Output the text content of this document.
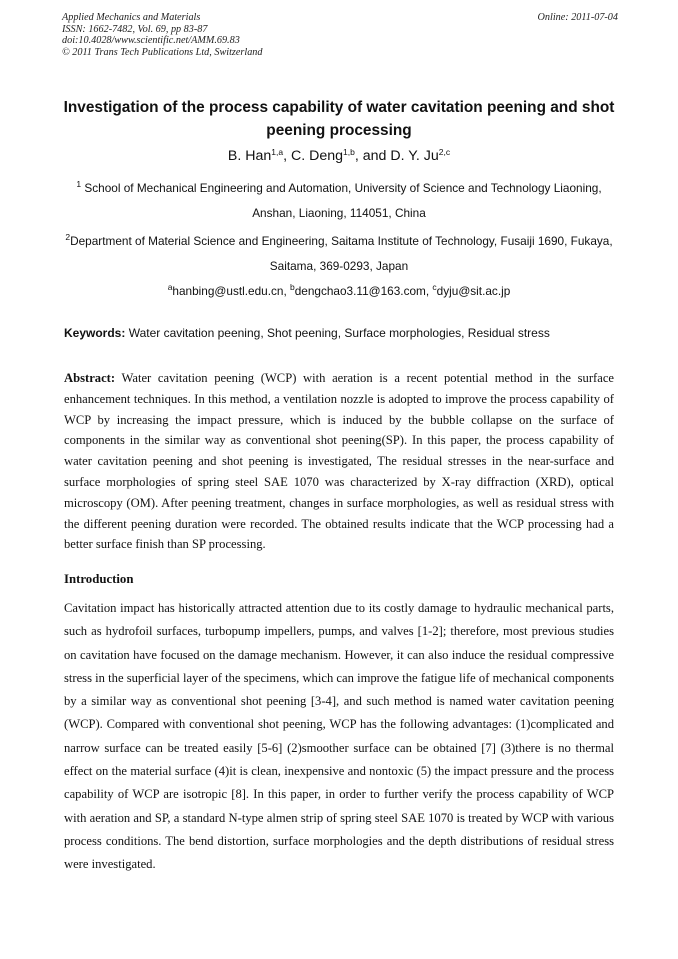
Applied Mechanics and Materials
ISSN: 1662-7482, Vol. 69, pp 83-87
doi:10.4028/www.scientific.net/AMM.69.83
© 2011 Trans Tech Publications Ltd, Switzerland
Online: 2011-07-04
Investigation of the process capability of water cavitation peening and shot peening processing
B. Han$^{1,a}$, C. Deng$^{1,b}$, and D. Y. Ju$^{2,c}$
$^1$ School of Mechanical Engineering and Automation, University of Science and Technology Liaoning, Anshan, Liaoning, 114051, China
$^2$Department of Material Science and Engineering, Saitama Institute of Technology, Fusaiji 1690, Fukaya, Saitama, 369-0293, Japan
$^a$hanbing@ustl.edu.cn, $^b$dengchao3.11@163.com, $^c$dyju@sit.ac.jp
Keywords: Water cavitation peening, Shot peening, Surface morphologies, Residual stress
Abstract: Water cavitation peening (WCP) with aeration is a recent potential method in the surface enhancement techniques. In this method, a ventilation nozzle is adopted to improve the process capability of WCP by increasing the impact pressure, which is induced by the bubble collapse on the surface of components in the similar way as conventional shot peening(SP). In this paper, the process capability of water cavitation peening and shot peening is investigated, The residual stresses in the near-surface and surface morphologies of spring steel SAE 1070 was characterized by X-ray diffraction (XRD), optical microscopy (OM). After peening treatment, changes in surface morphologies, as well as residual stress with the different peening duration were recorded. The obtained results indicate that the WCP processing had a better surface finish than SP processing.
Introduction
Cavitation impact has historically attracted attention due to its costly damage to hydraulic mechanical parts, such as hydrofoil surfaces, turbopump impellers, pumps, and valves [1-2]; therefore, most previous studies on cavitation have focused on the damage mechanism. However, it can also induce the residual compressive stress in the superficial layer of the specimens, which can improve the fatigue life of mechanical components by a similar way as conventional shot peening [3-4], and such method is named water cavitation peening (WCP). Compared with conventional shot peening, WCP has the following advantages: (1)complicated and narrow surface can be treated easily [5-6] (2)smoother surface can be obtained [7] (3)there is no thermal effect on the material surface (4)it is clean, inexpensive and nontoxic (5) the impact pressure and the process capability of WCP are isotropic [8]. In this paper, in order to further verify the process capability of WCP with aeration and SP, a standard N-type almen strip of spring steel SAE 1070 is treated by WCP with various process conditions. The bend distortion, surface morphologies and the depth distributions of residual stress were investigated.
